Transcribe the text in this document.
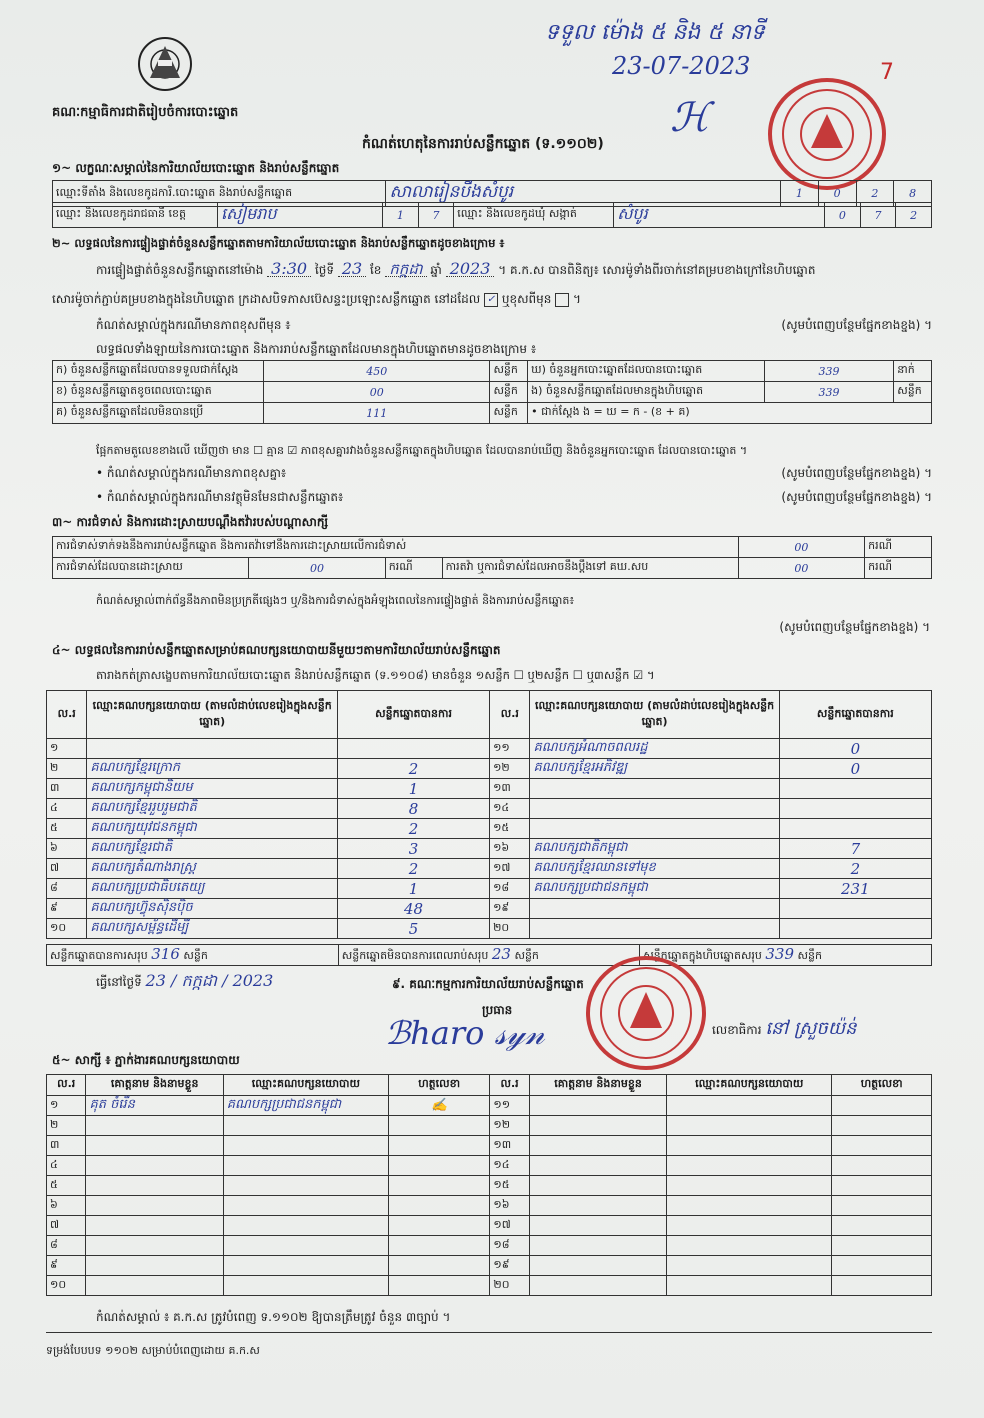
គណៈកម្មាធិការជាតិរៀបចំការបោះឆ្នោត
ទទួល ម៉ោង ៥ និង ៥ នាទី
23-07-2023
ℋ
7
កំណត់ហេតុនៃការរាប់សន្លឹកឆ្នោត (ទ.១១០២)
១~ លក្ខណៈសម្គាល់នៃការិយាល័យបោះឆ្នោត និងរាប់សន្លឹកឆ្នោត
ឈ្មោះទីតាំង និងលេខកូដការិ.បោះឆ្នោត និងរាប់សន្លឹកឆ្នោត	សាលារៀនបឹងសំបូរ	1	0	2	8
ឈ្មោះ និងលេខកូដរាជធានី ខេត្ត	សៀមរាប	1	7	ឈ្មោះ និងលេខកូដឃុំ សង្កាត់	សំបូរ	0	7	2
២~ លទ្ធផលនៃការផ្ទៀងផ្ទាត់ចំនួនសន្លឹកឆ្នោតតាមការិយាល័យបោះឆ្នោត និងរាប់សន្លឹកឆ្នោតដូចខាងក្រោម ៖
ការផ្ទៀងផ្ទាត់ចំនួនសន្លឹកឆ្នោតនៅម៉ោង 3:30 ថ្ងៃទី 23 ខែ កក្កដា ឆ្នាំ 2023 ។ គ.ក.ស បានពិនិត្យ៖ សោរម៉ូទាំងពីរចាក់នៅគម្របខាងក្រៅនៃហិបឆ្នោត
សោរម៉ូចាក់ភ្ជាប់គម្របខាងក្នុងនៃហិបឆ្នោត ក្រដាសបិទភាសប៊េសន្ទះប្រឡោះសន្លឹកឆ្នោត នៅដដែល ✓ ឬខុសពីមុន  ។
កំណត់សម្គាល់ក្នុងករណីមានភាពខុសពីមុន ៖	(សូមបំពេញបន្ថែមផ្នែកខាងខ្នង) ។
លទ្ធផលទាំងឡាយនៃការបោះឆ្នោត និងការរាប់សន្លឹកឆ្នោតដែលមានក្នុងហិបឆ្នោតមានដូចខាងក្រោម ៖
ក) ចំនួនសន្លឹកឆ្នោតដែលបានទទួលជាក់ស្តែង	450	សន្លឹក	ឃ) ចំនួនអ្នកបោះឆ្នោតដែលបានបោះឆ្នោត	339	នាក់
ខ) ចំនួនសន្លឹកឆ្នោតខូចពេលបោះឆ្នោត	00	សន្លឹក	ង) ចំនួនសន្លឹកឆ្នោតដែលមានក្នុងហិបឆ្នោត	339	សន្លឹក
គ) ចំនួនសន្លឹកឆ្នោតដែលមិនបានប្រើ	111	សន្លឹក	• ជាក់ស្តែង ង = ឃ = ក - (ខ + គ)		
ផ្អែកតាមតួលេខខាងលើ ឃើញថា មាន ☐ គ្មាន ☑ ភាពខុសគ្នារវាងចំនួនសន្លឹកឆ្នោតក្នុងហិបឆ្នោត ដែលបានរាប់ឃើញ និងចំនួនអ្នកបោះឆ្នោត ដែលបានបោះឆ្នោត ។
• កំណត់សម្គាល់ក្នុងករណីមានភាពខុសគ្នា៖	(សូមបំពេញបន្ថែមផ្នែកខាងខ្នង) ។
• កំណត់សម្គាល់ក្នុងករណីមានវត្ថុមិនមែនជាសន្លឹកឆ្នោត៖	(សូមបំពេញបន្ថែមផ្នែកខាងខ្នង) ។
៣~ ការជំទាស់ និងការដោះស្រាយបណ្តឹងតវ៉ារបស់បណ្តាសាក្សី
ការជំទាស់ទាក់ទងនឹងការរាប់សន្លឹកឆ្នោត និងការតវ៉ាទៅនឹងការដោះស្រាយលើការជំទាស់				00	ករណី
ការជំទាស់ដែលបានដោះស្រាយ	00	ករណី	ការតវ៉ា ឬការជំទាស់ដែលអាចនឹងប្តឹងទៅ គឃ.សប	00	ករណី
កំណត់សម្គាល់ពាក់ព័ន្ធនឹងភាពមិនប្រក្រតីផ្សេងៗ ឬ/និងការជំទាស់ក្នុងអំឡុងពេលនៃការផ្ទៀងផ្ទាត់ និងការរាប់សន្លឹកឆ្នោត៖
(សូមបំពេញបន្ថែមផ្នែកខាងខ្នង) ។
៤~ លទ្ធផលនៃការរាប់សន្លឹកឆ្នោតសម្រាប់គណបក្សនយោបាយនីមួយៗតាមការិយាល័យរាប់សន្លឹកឆ្នោត
តារាងកត់ត្រាសង្ខេបតាមការិយាល័យបោះឆ្នោត និងរាប់សន្លឹកឆ្នោត (ទ.១១០៨) មានចំនួន ១សន្លឹក ☐ ឬ២សន្លឹក ☐ ឬ៣សន្លឹក ☑ ។
ល.រ	ឈ្មោះគណបក្សនយោបាយ (តាមលំដាប់លេខរៀងក្នុងសន្លឹកឆ្នោត)	សន្លឹកឆ្នោតបានការ	ល.រ	ឈ្មោះគណបក្សនយោបាយ (តាមលំដាប់លេខរៀងក្នុងសន្លឹកឆ្នោត)	សន្លឹកឆ្នោតបានការ
១			១១	គណបក្សអំណាចពលរដ្ឋ	0
២	គណបក្សខ្មែរក្រោក	2	១២	គណបក្សខ្មែរអភិវឌ្ឍ	0
៣	គណបក្សកម្ពុជានិយម	1	១៣		
៤	គណបក្សខ្មែររួបរួមជាតិ	8	១៤		
៥	គណបក្សយុវជនកម្ពុជា	2	១៥		
៦	គណបក្សខ្មែរជាតិ	3	១៦	គណបក្សជាតិកម្ពុជា	7
៧	គណបក្សតំណាងរាស្ត្រ	2	១៧	គណបក្សខ្មែរ​ឈានទៅមុខ	2
៨	គណបក្សប្រជាធិបតេយ្យ	1	១៨	គណបក្សប្រជាជនកម្ពុជា	231
៩	គណបក្សហ៊្វុនស៊ិនប៉ិច	48	១៩		
១០	គណបក្សសម្ព័ន្ធដើម្បី	5	២០		
សន្លឹកឆ្នោតបានការសរុប 316 សន្លឹក	សន្លឹកឆ្នោតមិនបានការពេលរាប់សរុប 23 សន្លឹក	សន្លឹកឆ្នោតក្នុងហិបឆ្នោតសរុប 339 សន្លឹក
ធ្វើនៅថ្ងៃទី 23 / កក្កដា / 2023	៩. គណៈកម្មការការិយាល័យរាប់សន្លឹកឆ្នោត
ប្រធាន
ℬharo 𝓈𝓎𝓃	លេខាធិការ នៅ ស្រួចយ៉ន់
៥~ សាក្សី ៖ ភ្នាក់ងារគណបក្សនយោបាយ
ល.រ	គោត្តនាម និងនាមខ្លួន	ឈ្មោះគណបក្សនយោបាយ	ហត្ថលេខា	ល.រ	គោត្តនាម និងនាមខ្លួន	ឈ្មោះគណបក្សនយោបាយ	ហត្ថលេខា
១	គុត ចំរើន	គណបក្សប្រជាជនកម្ពុជា	✍	១១			
២				១២			
៣				១៣			
៤				១៤			
៥				១៥			
៦				១៦			
៧				១៧			
៨				១៨			
៩				១៩			
១០				២០			
កំណត់សម្គាល់ ៖ គ.ក.ស ត្រូវបំពេញ ទ.១១០២ ឱ្យបានត្រឹមត្រូវ ចំនួន ៣ច្បាប់ ។
ទម្រង់បែបបទ ១១០២ សម្រាប់បំពេញដោយ គ.ក.ស
